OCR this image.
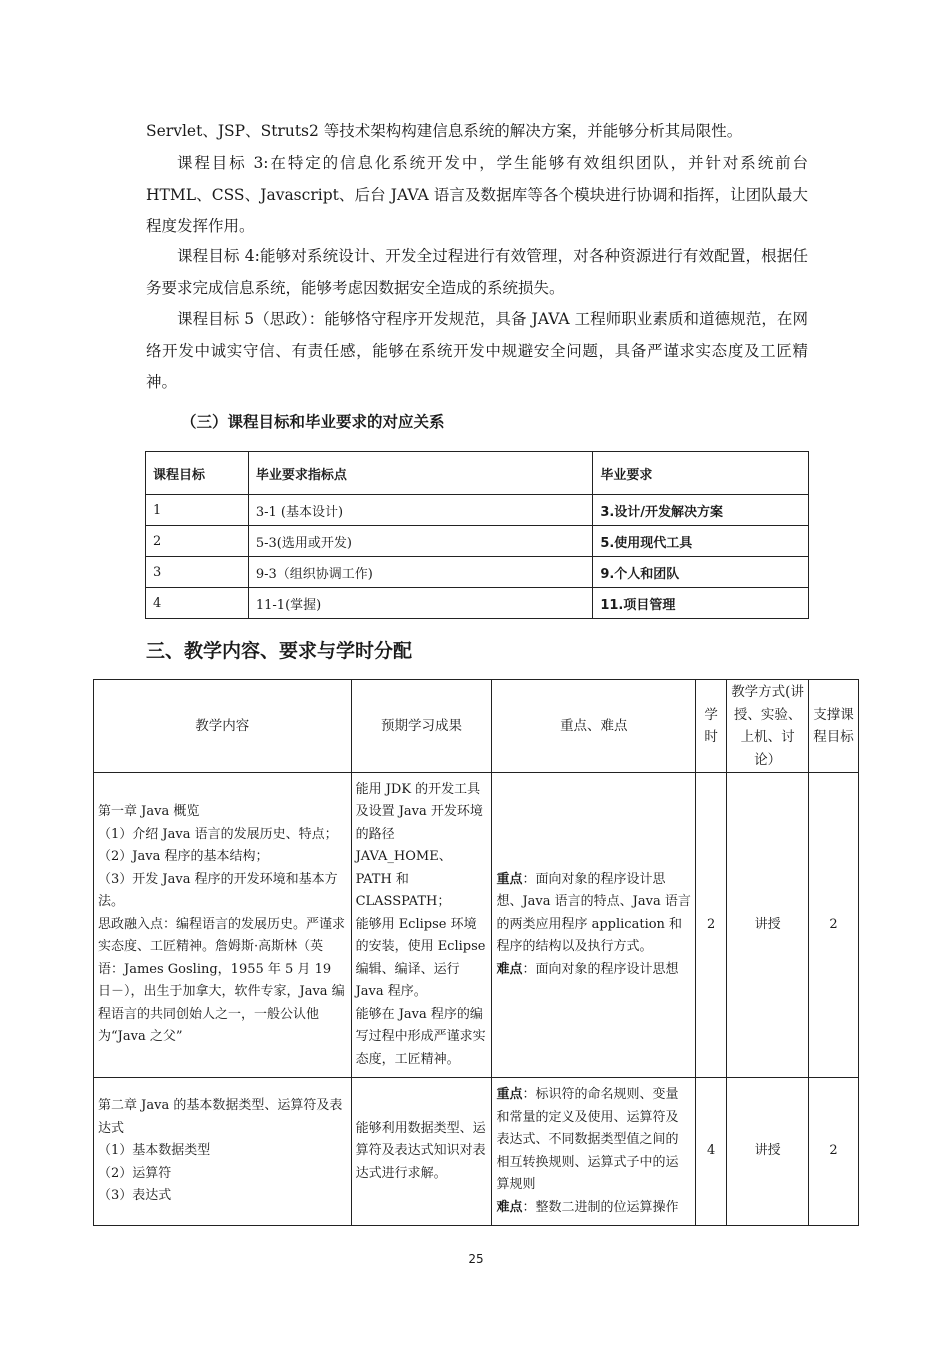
Servlet、JSP、Struts2 等技术架构构建信息系统的解决方案，并能够分析其局限性。
课程目标 3:在特定的信息化系统开发中，学生能够有效组织团队，并针对系统前台 HTML、CSS、Javascript、后台 JAVA 语言及数据库等各个模块进行协调和指挥，让团队最大程度发挥作用。
课程目标 4:能够对系统设计、开发全过程进行有效管理，对各种资源进行有效配置，根据任务要求完成信息系统，能够考虑因数据安全造成的系统损失。
课程目标 5（思政）：能够恪守程序开发规范，具备 JAVA 工程师职业素质和道德规范，在网络开发中诚实守信、有责任感，能够在系统开发中规避安全问题，具备严谨求实态度及工匠精神。
（三）课程目标和毕业要求的对应关系
课程目标	毕业要求指标点	毕业要求
1	3-1 (基本设计)	3.设计/开发解决方案
2	5-3(选用或开发)	5.使用现代工具
3	9-3（组织协调工作)	9.个人和团队
4	11-1(掌握)	11.项目管理
三、教学内容、要求与学时分配
教学内容	预期学习成果	重点、难点	学时	教学方式(讲授、实验、上机、讨论）	支撑课程目标

第一章 Java 概览
（1）介绍 Java 语言的发展历史、特点；
（2）Java 程序的基本结构；
（3）开发 Java 程序的开发环境和基本方法。
思政融入点：编程语言的发展历史。严谨求实态度、工匠精神。詹姆斯·高斯林（英语：James Gosling，1955 年 5 月 19 日－），出生于加拿大，软件专家，Java 编程语言的共同创始人之一，一般公认他为“Java 之父”	能用 JDK 的开发工具及设置 Java 开发环境的路径 JAVA_HOME、PATH 和 CLASSPATH；
能够用 Eclipse 环境的安装，使用 Eclipse 编辑、编译、运行 Java 程序。
能够在 Java 程序的编写过程中形成严谨求实态度，工匠精神。	重点：面向对象的程序设计思想、Java 语言的特点、Java 语言的两类应用程序 application 和程序的结构以及执行方式。
难点：面向对象的程序设计思想	2	讲授	2

第二章 Java 的基本数据类型、运算符及表达式
（1）基本数据类型
（2）运算符
（3）表达式	能够利用数据类型、运算符及表达式知识对表达式进行求解。	重点：标识符的命名规则、变量和常量的定义及使用、运算符及表达式、不同数据类型值之间的相互转换规则、运算式子中的运算规则
难点：整数二进制的位运算操作	4	讲授	2
25
